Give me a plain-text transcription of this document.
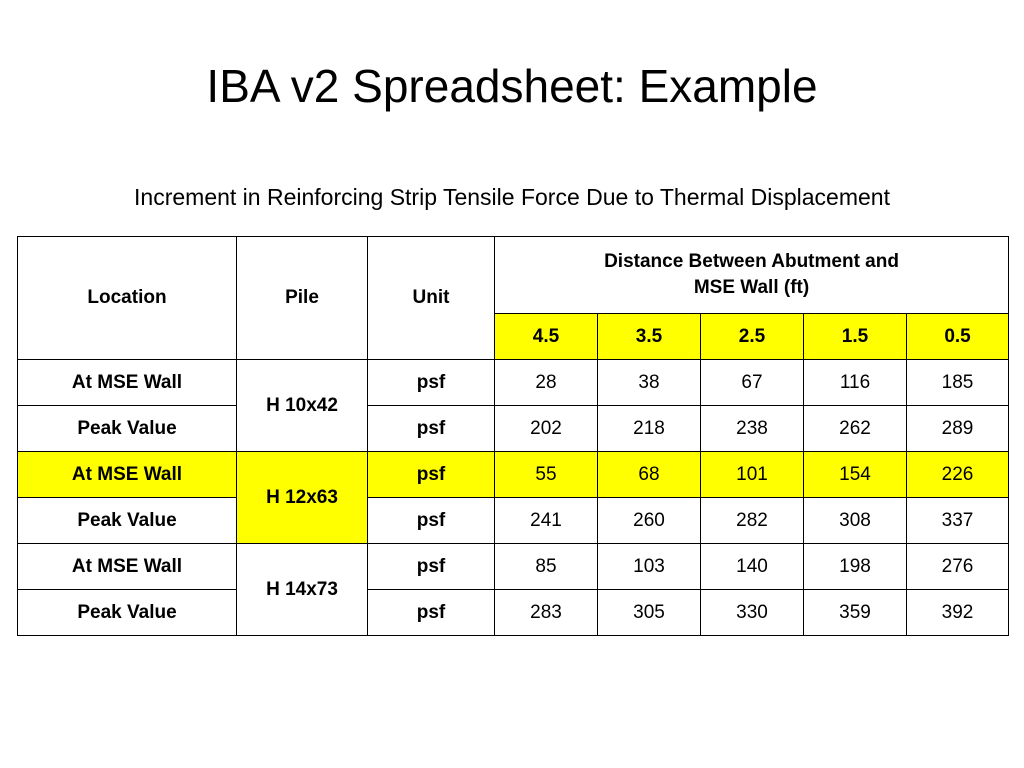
IBA v2 Spreadsheet: Example
Increment in Reinforcing Strip Tensile Force Due to Thermal Displacement
Location	Pile	Unit	Distance Between Abutment and
MSE Wall (ft)				

			4.5	3.5	2.5	1.5	0.5
At MSE Wall	H 10x42	psf	28	38	67	116	185
Peak Value		psf	202	218	238	262	289
At MSE Wall	H 12x63	psf	55	68	101	154	226
Peak Value		psf	241	260	282	308	337
At MSE Wall	H 14x73	psf	85	103	140	198	276
Peak Value		psf	283	305	330	359	392
